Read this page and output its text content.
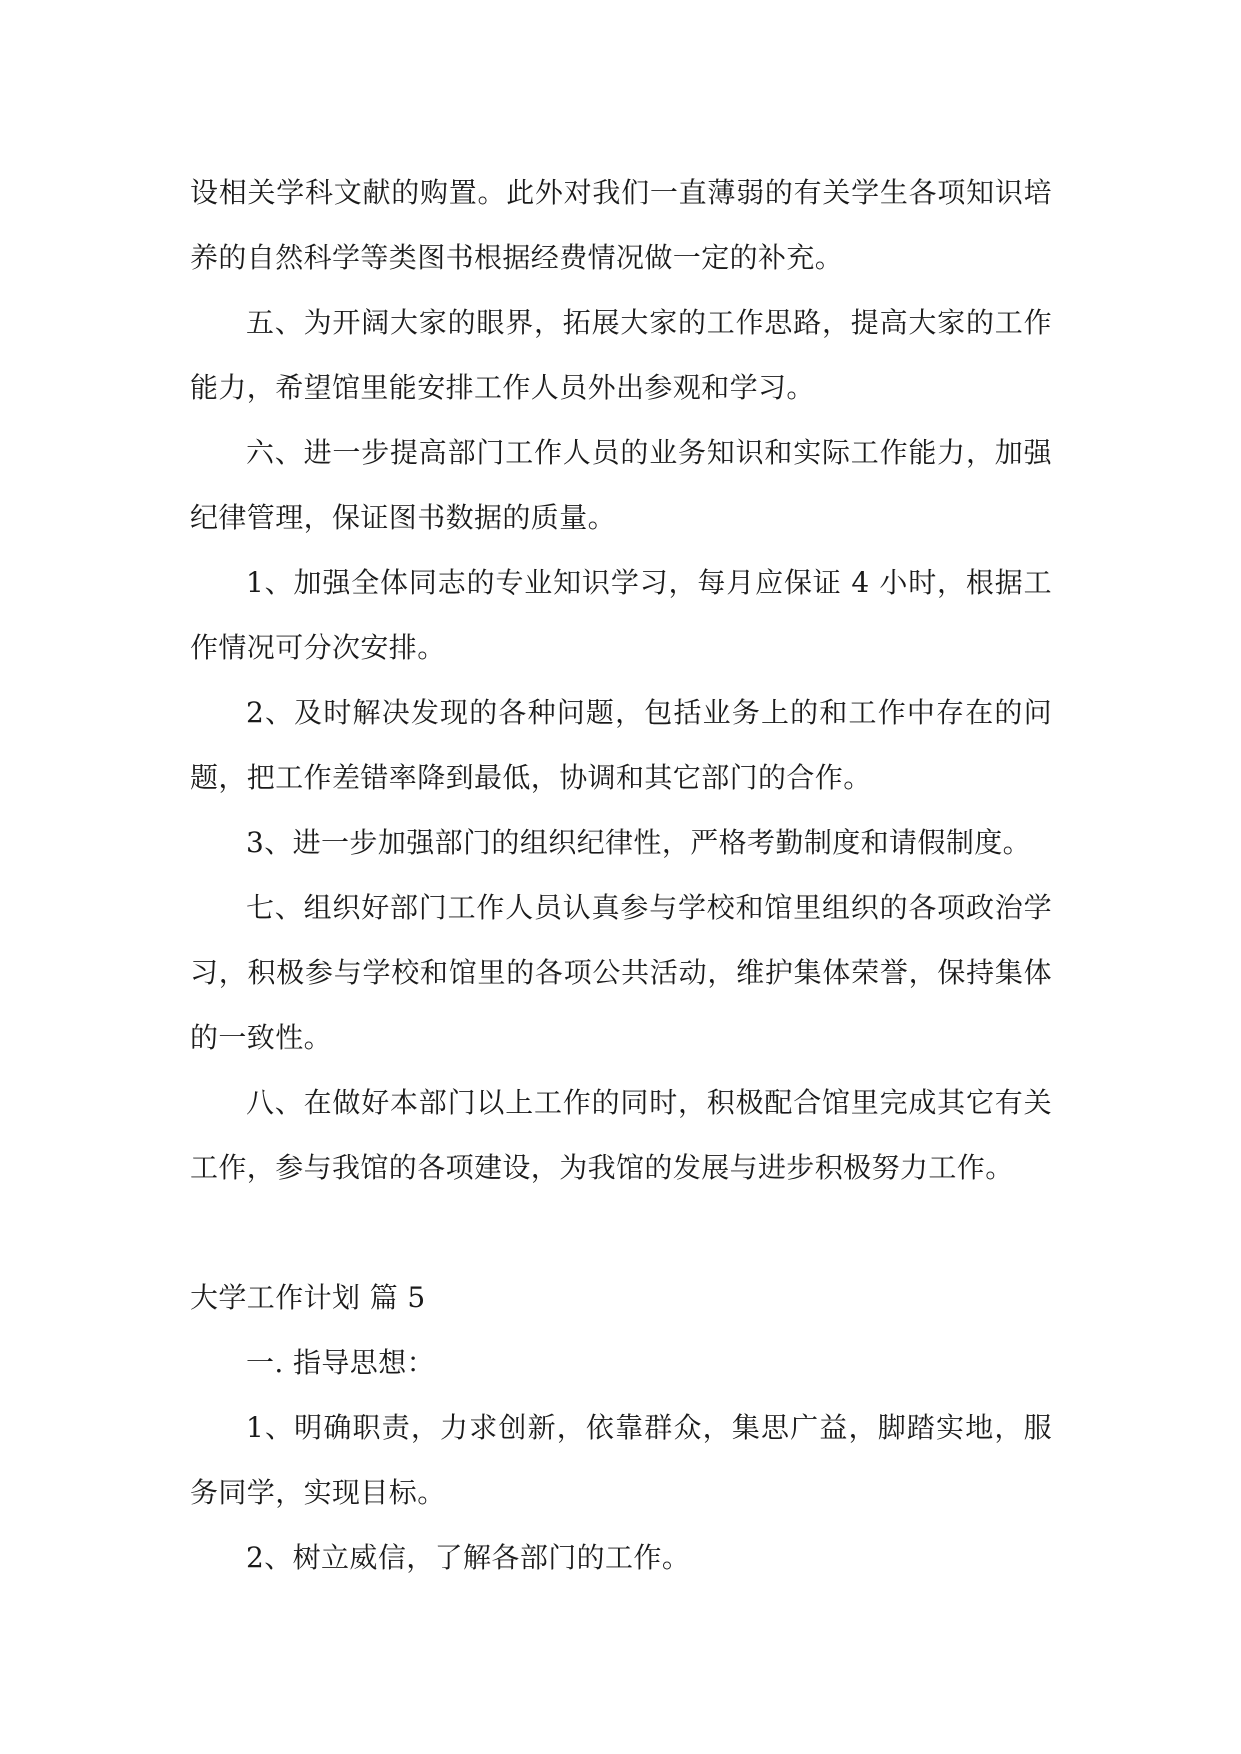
设相关学科文献的购置。此外对我们一直薄弱的有关学生各项知识培养的自然科学等类图书根据经费情况做一定的补充。

五、为开阔大家的眼界，拓展大家的工作思路，提高大家的工作能力，希望馆里能安排工作人员外出参观和学习。

六、进一步提高部门工作人员的业务知识和实际工作能力，加强纪律管理，保证图书数据的质量。

1、加强全体同志的专业知识学习，每月应保证 4 小时，根据工作情况可分次安排。

2、及时解决发现的各种问题，包括业务上的和工作中存在的问题，把工作差错率降到最低，协调和其它部门的合作。

3、进一步加强部门的组织纪律性，严格考勤制度和请假制度。

七、组织好部门工作人员认真参与学校和馆里组织的各项政治学习，积极参与学校和馆里的各项公共活动，维护集体荣誉，保持集体的一致性。

八、在做好本部门以上工作的同时，积极配合馆里完成其它有关工作，参与我馆的各项建设，为我馆的发展与进步积极努力工作。

大学工作计划 篇 5

一. 指导思想：

1、明确职责，力求创新，依靠群众，集思广益，脚踏实地，服务同学，实现目标。

2、树立威信，了解各部门的工作。
